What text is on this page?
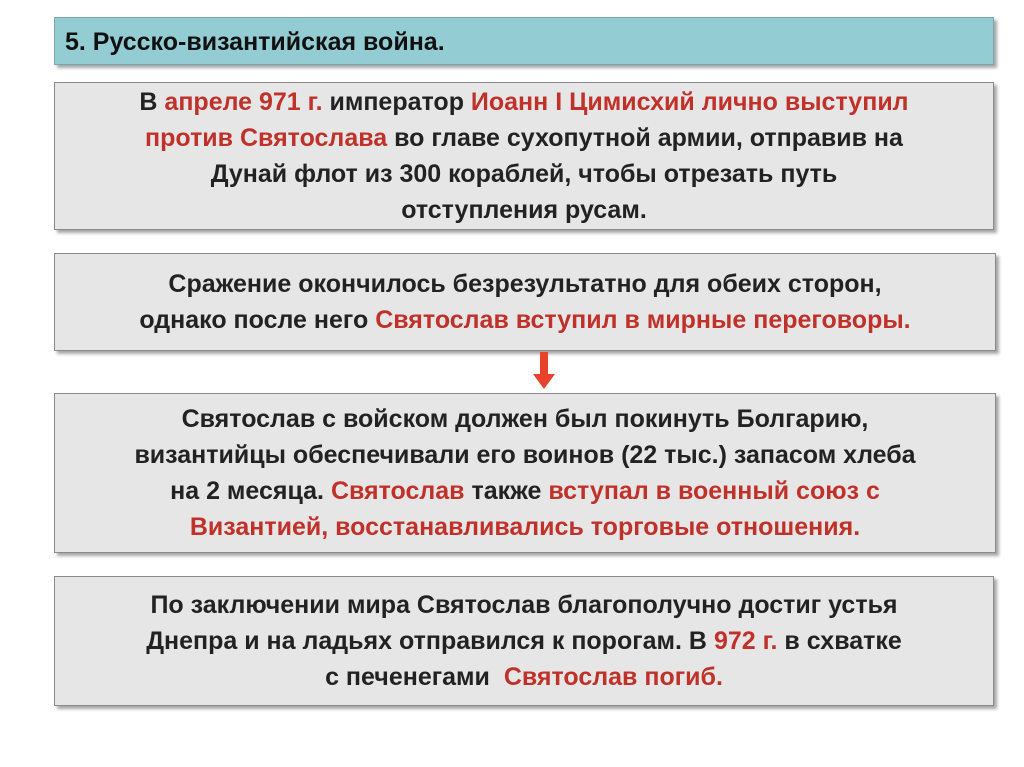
5. Русско-византийская война.

В апреле 971 г. император Иоанн I Цимисхий лично выступил
против Святослава во главе сухопутной армии, отправив на
Дунай флот из 300 кораблей, чтобы отрезать путь
отступления русам.

Сражение окончилось безрезультатно для обеих сторон,
однако после него Святослав вступил в мирные переговоры.

Святослав с войском должен был покинуть Болгарию,
византийцы обеспечивали его воинов (22 тыс.) запасом хлеба
на 2 месяца. Святослав также вступал в военный союз с
Византией, восстанавливались торговые отношения.

По заключении мира Святослав благополучно достиг устья
Днепра и на ладьях отправился к порогам. В 972 г. в схватке
с печенегами  Святослав погиб.
